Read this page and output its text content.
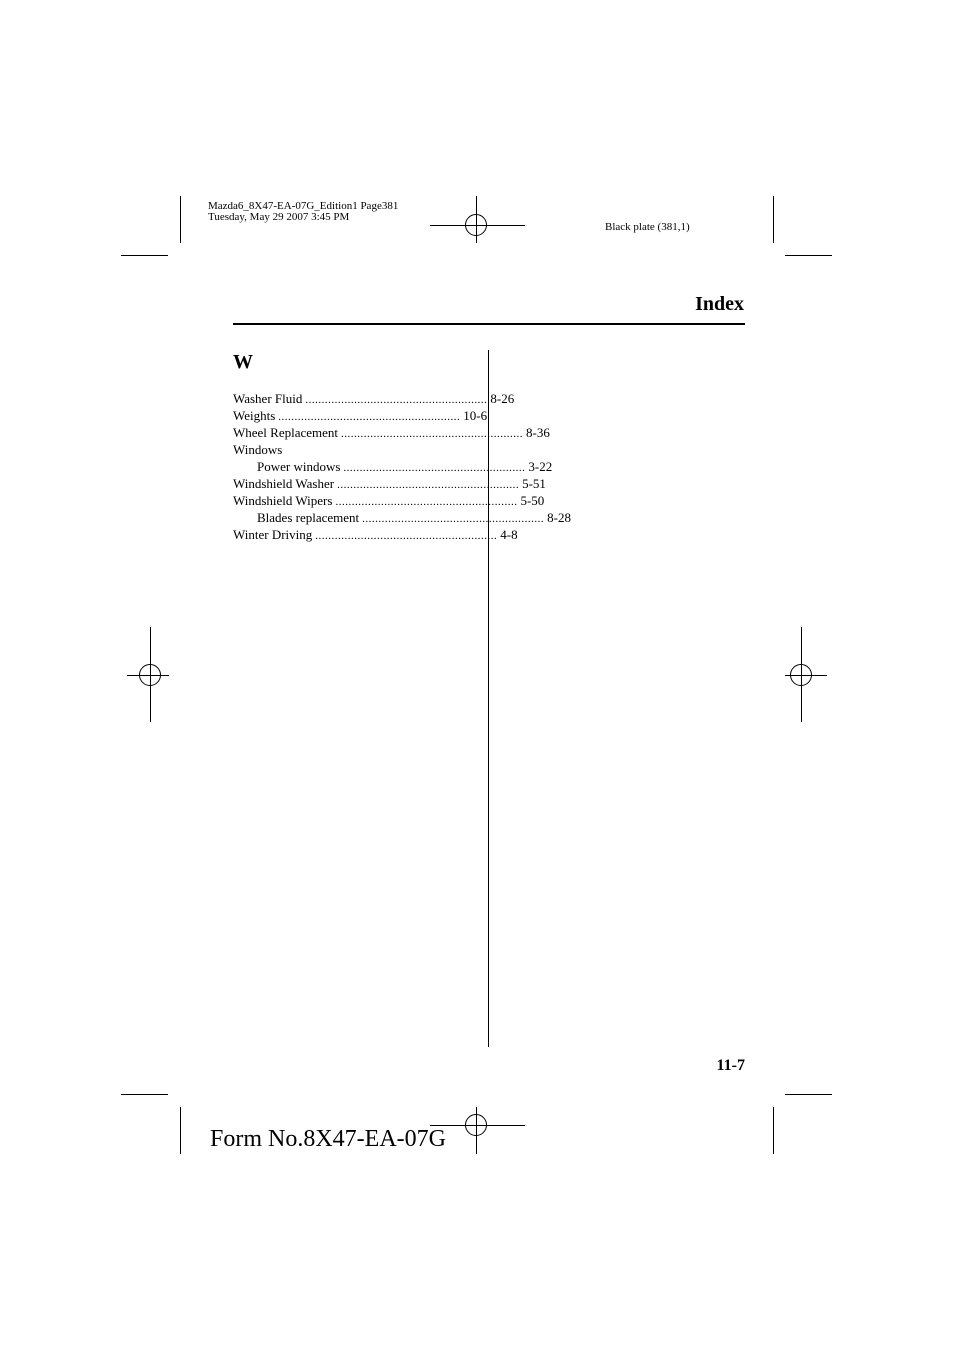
Mazda6_8X47-EA-07G_Edition1 Page381
Tuesday, May 29 2007 3:45 PM
Black plate (381,1)
Index
W
Washer Fluid ........................................................ 8-26
Weights ........................................................ 10-6
Wheel Replacement ........................................................ 8-36
Windows
Power windows ........................................................ 3-22
Windshield Washer ........................................................ 5-51
Windshield Wipers ........................................................ 5-50
Blades replacement ........................................................ 8-28
Winter Driving ........................................................ 4-8
11-7
Form No.8X47-EA-07G
